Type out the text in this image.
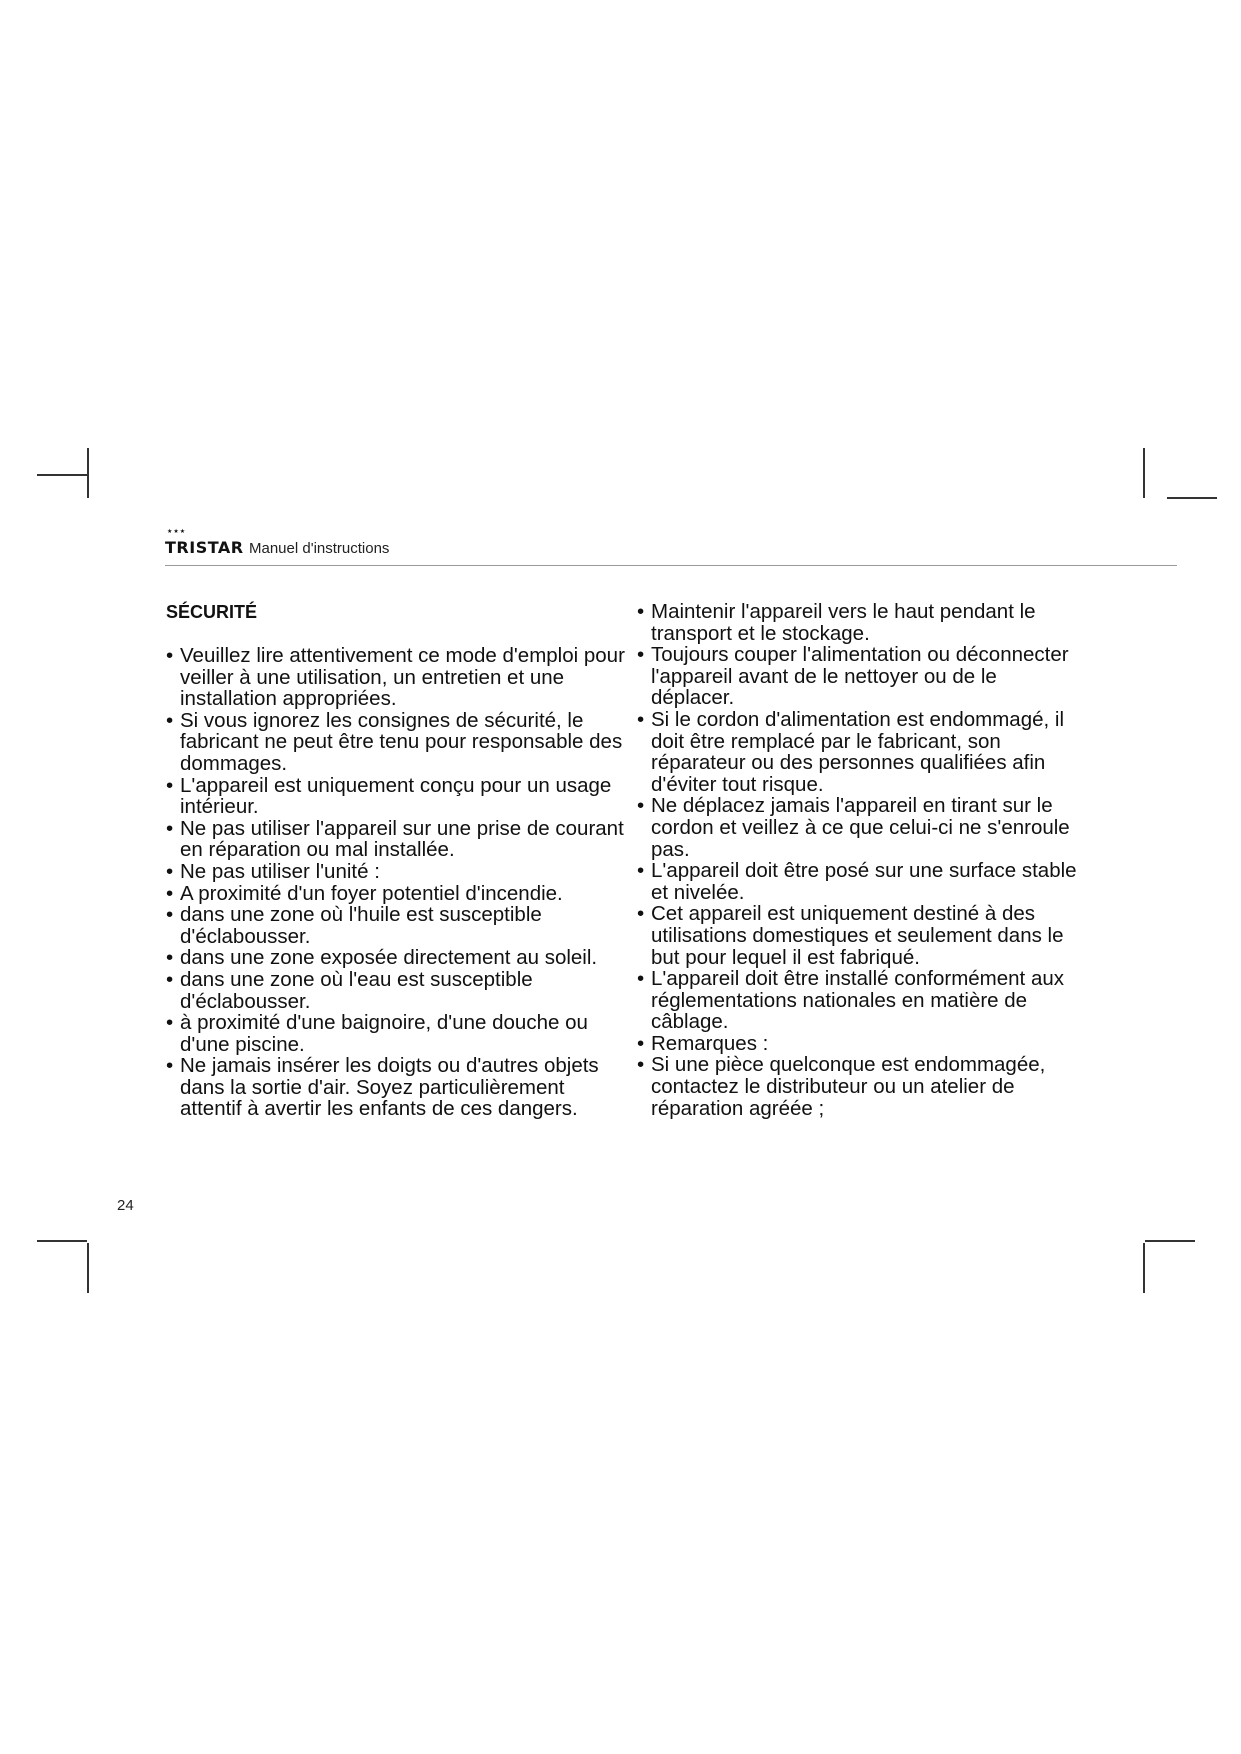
★★★
TRISTAR Manuel d'instructions
SÉCURITÉ
• Veuillez lire attentivement ce mode d'emploi pour veiller à une utilisation, un entretien et une installation appropriées.
• Si vous ignorez les consignes de sécurité, le fabricant ne peut être tenu pour responsable des dommages.
• L'appareil est uniquement conçu pour un usage intérieur.
• Ne pas utiliser l'appareil sur une prise de courant en réparation ou mal installée.
• Ne pas utiliser l'unité :
• A proximité d'un foyer potentiel d'incendie.
• dans une zone où l'huile est susceptible d'éclabousser.
• dans une zone exposée directement au soleil.
• dans une zone où l'eau est susceptible d'éclabousser.
• à proximité d'une baignoire, d'une douche ou d'une piscine.
• Ne jamais insérer les doigts ou d'autres objets dans la sortie d'air. Soyez particulièrement attentif à avertir les enfants de ces dangers.
• Maintenir l'appareil vers le haut pendant le transport et le stockage.
• Toujours couper l'alimentation ou déconnecter l'appareil avant de le nettoyer ou de le déplacer.
• Si le cordon d'alimentation est endommagé, il doit être remplacé par le fabricant, son réparateur ou des personnes qualifiées afin d'éviter tout risque.
• Ne déplacez jamais l'appareil en tirant sur le cordon et veillez à ce que celui-ci ne s'enroule pas.
• L'appareil doit être posé sur une surface stable et nivelée.
• Cet appareil est uniquement destiné à des utilisations domestiques et seulement dans le but pour lequel il est fabriqué.
• L'appareil doit être installé conformément aux réglementations nationales en matière de câblage.
• Remarques :
• Si une pièce quelconque est endommagée, contactez le distributeur ou un atelier de réparation agréée ;
24
